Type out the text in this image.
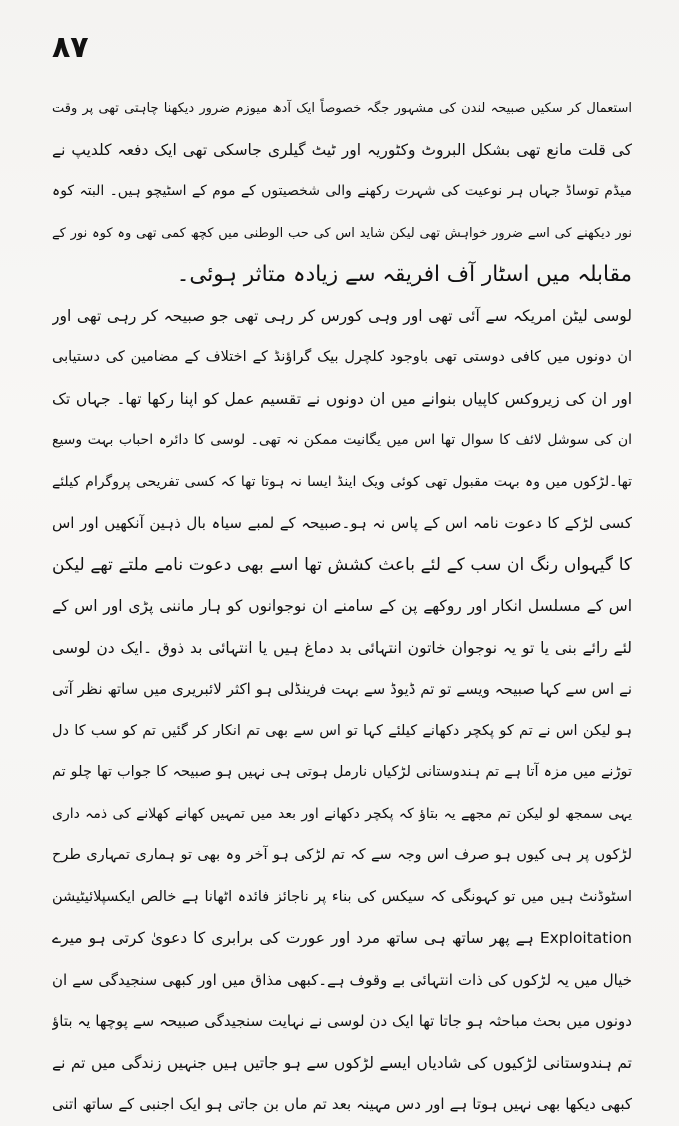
۸۷
استعمال کر سکیں صبیحہ لندن کی مشہور جگہ خصوصاً ایک آدھ میوزم ضرور دیکھنا چاہتی تھی پر وقت
کی قلت مانع تھی بشکل البروٹ وکٹوریہ اور ٹیٹ گیلری جاسکی تھی ایک دفعہ کلدیپ نے
میڈم توساڈ جہاں ہر نوعیت کی شہرت رکھنے والی شخصیتوں کے موم کے اسٹیچو ہیں۔ البتہ کوہ
نور دیکھنے کی اسے ضرور خواہش تھی لیکن شاید اس کی حب الوطنی میں کچھ کمی تھی وہ کوہ نور کے
مقابلہ میں اسٹار آف افریقہ سے زیادہ متاثر ہوئی۔
لوسی لیٹن امریکہ سے آئی تھی اور وہی کورس کر رہی تھی جو صبیحہ کر رہی تھی اور
ان دونوں میں کافی دوستی تھی باوجود کلچرل بیک گراؤنڈ کے اختلاف کے مضامین کی دستیابی
اور ان کی زیروکس کاپیاں بنوانے میں ان دونوں نے تقسیم عمل کو اپنا رکھا تھا۔ جہاں تک
ان کی سوشل لائف کا سوال تھا اس میں یگانیت ممکن نہ تھی۔ لوسی کا دائرہ احباب بہت وسیع
تھا۔لڑکوں میں وہ بہت مقبول تھی کوئی ویک اینڈ ایسا نہ ہوتا تھا کہ کسی تفریحی پروگرام کیلئے
کسی لڑکے کا دعوت نامہ اس کے پاس نہ ہو۔صبیحہ کے لمبے سیاہ بال ذہین آنکھیں اور اس
کا گیہواں رنگ ان سب کے لئے باعث کشش تھا اسے بھی دعوت نامے ملتے تھے لیکن
اس کے مسلسل انکار اور روکھے پن کے سامنے ان نوجوانوں کو ہار ماننی پڑی اور اس کے
لئے رائے بنی یا تو یہ نوجوان خاتون انتہائی بد دماغ ہیں یا انتہائی بد ذوق ۔ایک دن لوسی
نے اس سے کہا صبیحہ ویسے تو تم ڈیوڈ سے بہت فرینڈلی ہو اکثر لائبریری میں ساتھ نظر آتی
ہو لیکن اس نے تم کو پکچر دکھانے کیلئے کہا تو اس سے بھی تم انکار کر گئیں تم کو سب کا دل
توڑنے میں مزہ آتا ہے تم ہندوستانی لڑکیاں نارمل ہوتی ہی نہیں ہو صبیحہ کا جواب تھا چلو تم
یہی سمجھ لو لیکن تم مجھے یہ بتاؤ کہ پکچر دکھانے اور بعد میں تمہیں کھانے کھلانے کی ذمہ داری
لڑکوں پر ہی کیوں ہو صرف اس وجہ سے کہ تم لڑکی ہو آخر وہ بھی تو ہماری تمہاری طرح
اسٹوڈنٹ ہیں میں تو کہونگی کہ سیکس کی بناء پر ناجائز فائدہ اٹھانا ہے خالص ایکسپلائیٹیشن
Exploitation ہے پھر ساتھ ہی ساتھ مرد اور عورت کی برابری کا دعویٰ کرتی ہو میرے
خیال میں یہ لڑکوں کی ذات انتہائی بے وقوف ہے۔کبھی مذاق میں اور کبھی سنجیدگی سے ان
دونوں میں بحث مباحثہ ہو جاتا تھا ایک دن لوسی نے نہایت سنجیدگی صبیحہ سے پوچھا یہ بتاؤ
تم ہندوستانی لڑکیوں کی شادیاں ایسے لڑکوں سے ہو جاتیں ہیں جنہیں زندگی میں تم نے
کبھی دیکھا بھی نہیں ہوتا ہے اور دس مہینہ بعد تم ماں بن جاتی ہو ایک اجنبی کے ساتھ اتنی
